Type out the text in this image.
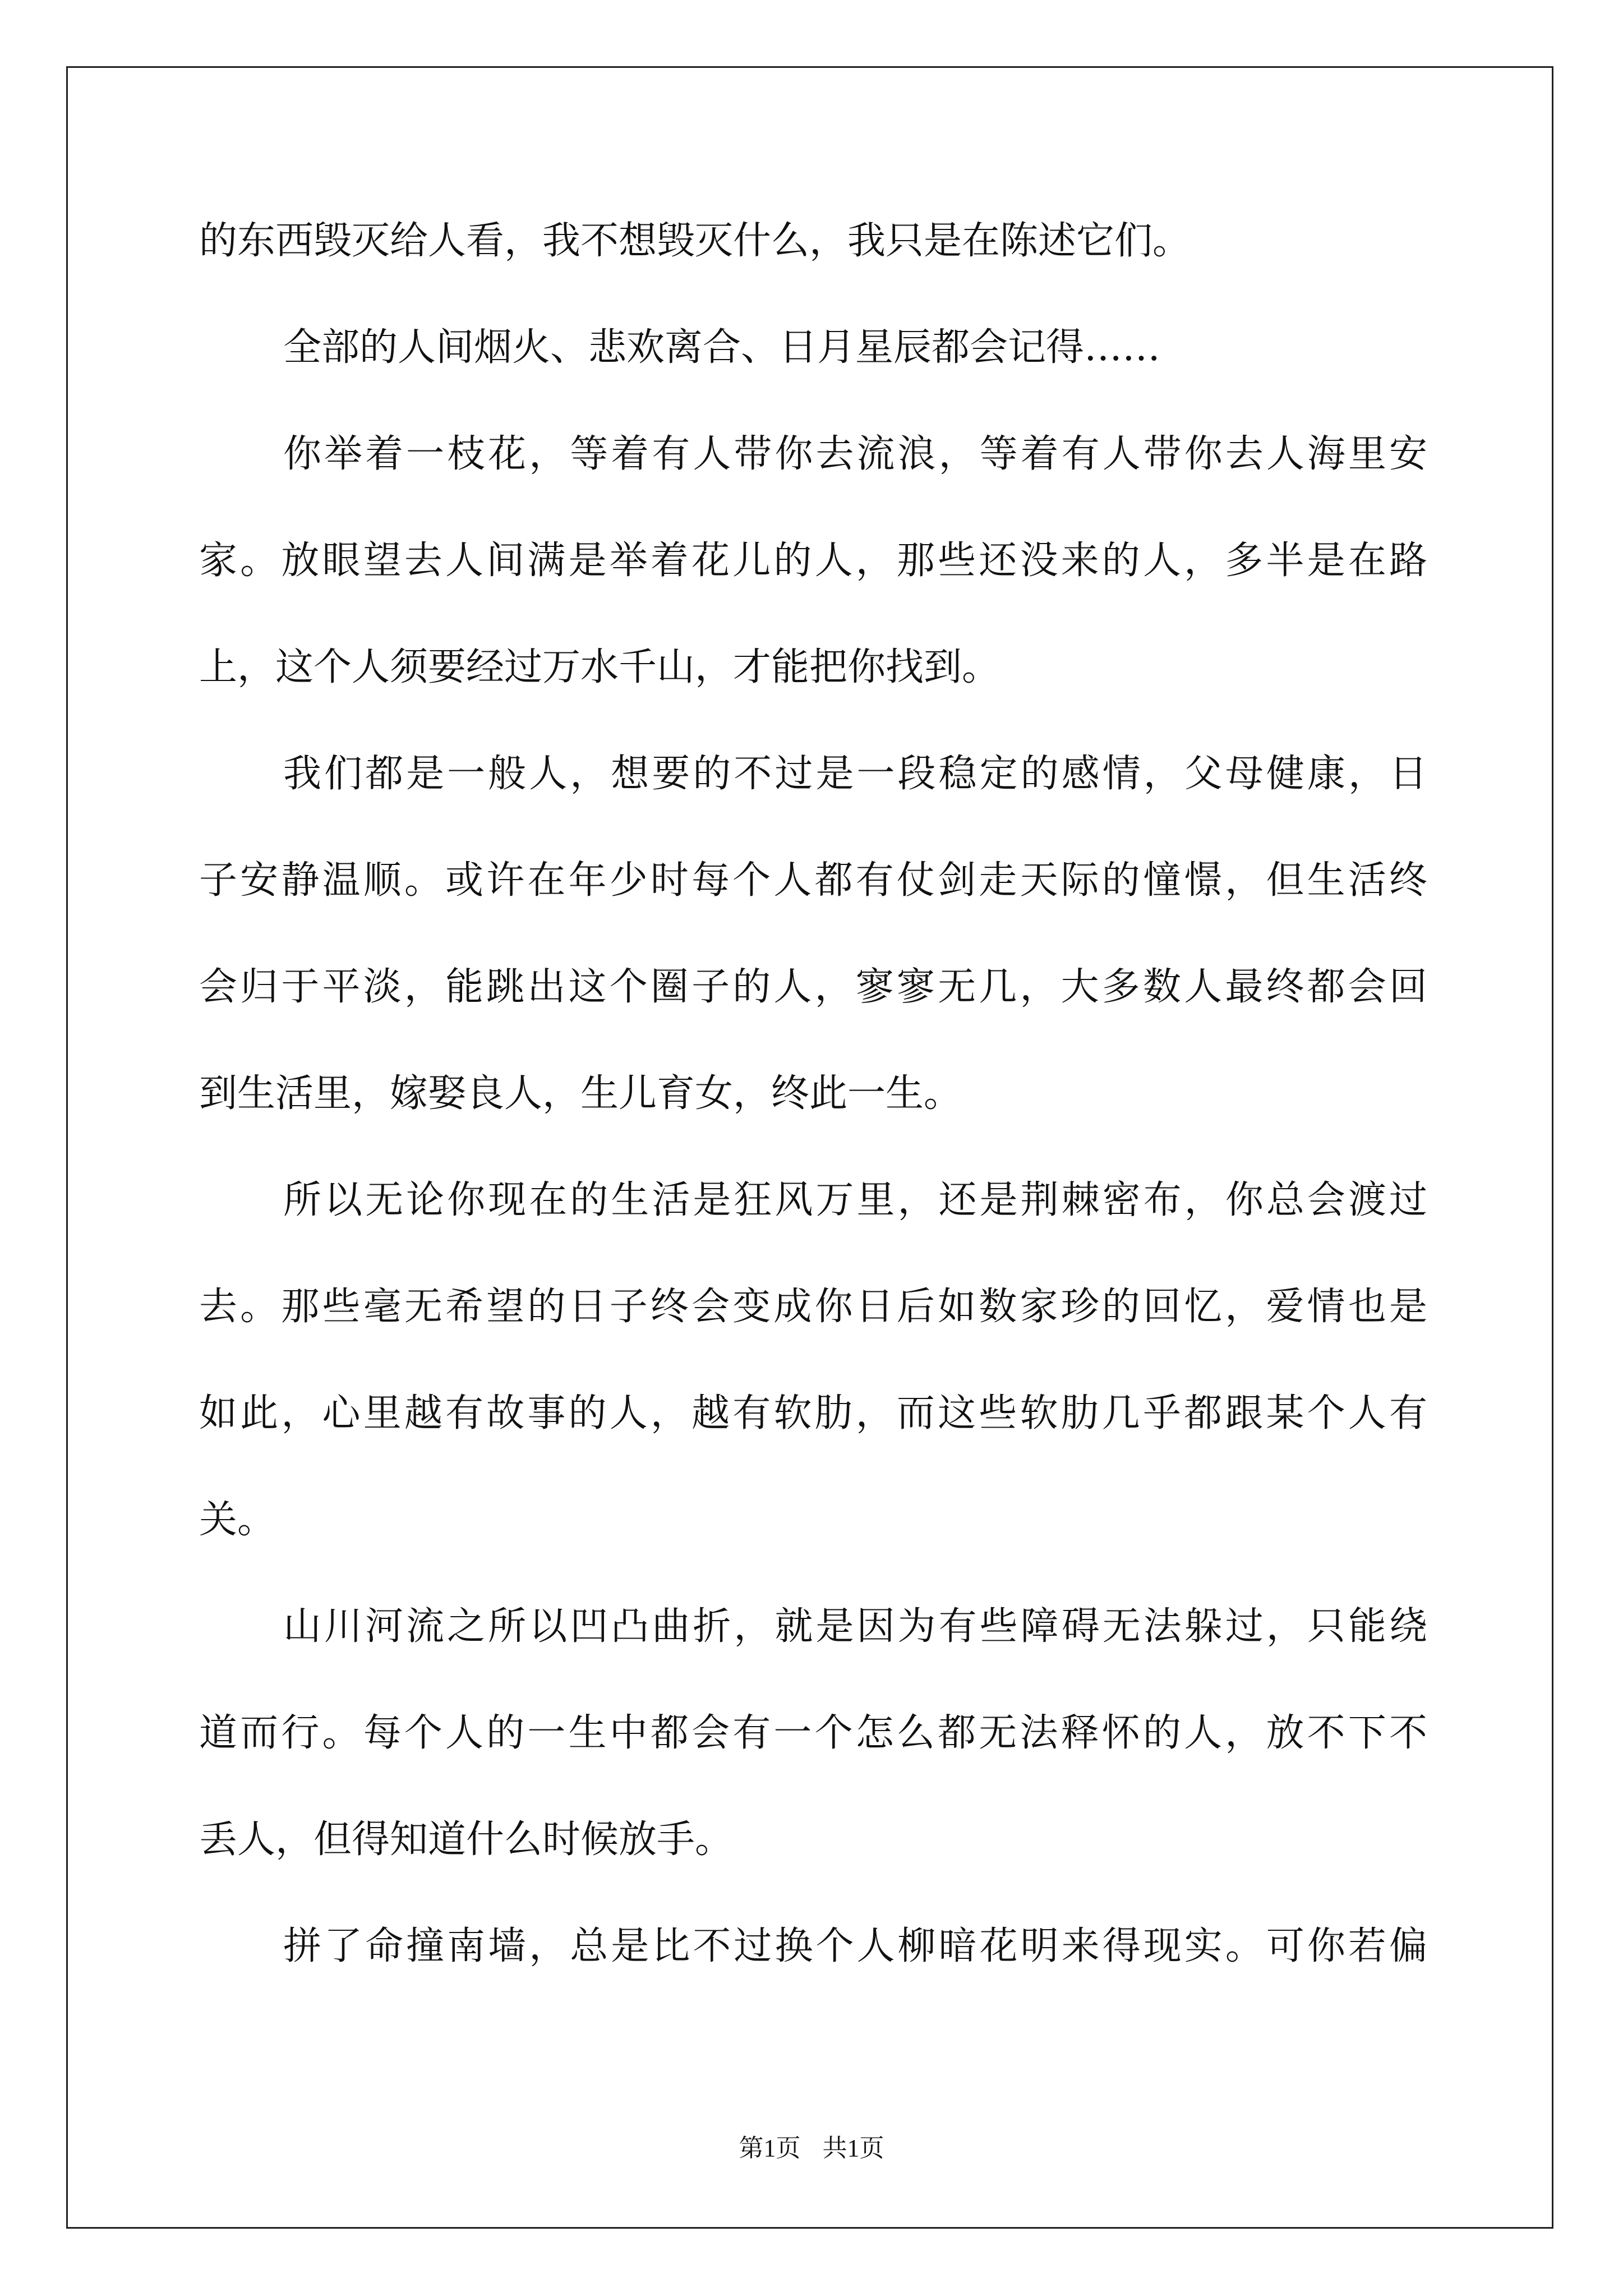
的东西毁灭给人看，我不想毁灭什么，我只是在陈述它们。
全部的人间烟火、悲欢离合、日月星辰都会记得……
你举着一枝花，等着有人带你去流浪，等着有人带你去人海里安
家。放眼望去人间满是举着花儿的人，那些还没来的人，多半是在路
上，这个人须要经过万水千山，才能把你找到。
我们都是一般人，想要的不过是一段稳定的感情，父母健康，日
子安静温顺。或许在年少时每个人都有仗剑走天际的憧憬，但生活终
会归于平淡，能跳出这个圈子的人，寥寥无几，大多数人最终都会回
到生活里，嫁娶良人，生儿育女，终此一生。
所以无论你现在的生活是狂风万里，还是荆棘密布，你总会渡过
去。那些毫无希望的日子终会变成你日后如数家珍的回忆，爱情也是
如此，心里越有故事的人，越有软肋，而这些软肋几乎都跟某个人有
关。
山川河流之所以凹凸曲折，就是因为有些障碍无法躲过，只能绕
道而行。每个人的一生中都会有一个怎么都无法释怀的人，放不下不
丢人，但得知道什么时候放手。
拼了命撞南墙，总是比不过换个人柳暗花明来得现实。可你若偏
第1页 共1页
